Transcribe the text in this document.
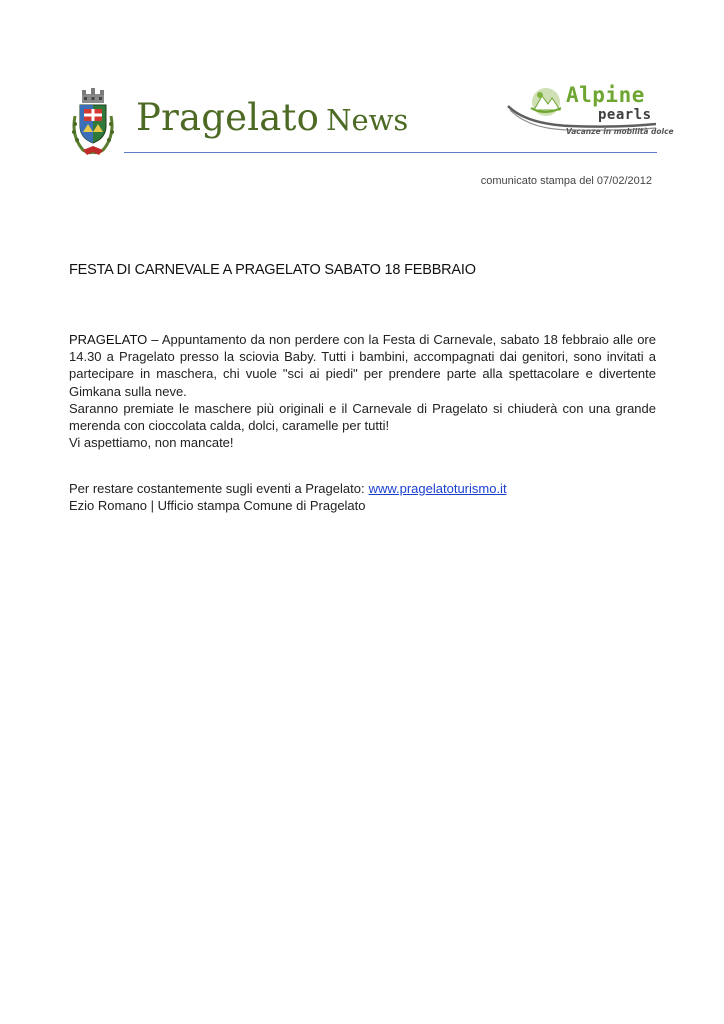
Pragelato News
Alpine
pearls
Vacanze in mobilità dolce
comunicato stampa del 07/02/2012
FESTA DI CARNEVALE A PRAGELATO SABATO 18 FEBBRAIO

PRAGELATO – Appuntamento da non perdere con la Festa di Carnevale, sabato 18 febbraio alle ore 14.30 a Pragelato presso la sciovia Baby. Tutti i bambini, accompagnati dai genitori, sono invitati a partecipare in maschera, chi vuole "sci ai piedi" per prendere parte alla spettacolare e divertente Gimkana sulla neve.

Saranno premiate le maschere più originali e il Carnevale di Pragelato si chiuderà con una grande merenda con cioccolata calda, dolci, caramelle per tutti!

Vi aspettiamo, non mancate!

Per restare costantemente sugli eventi a Pragelato: www.pragelatoturismo.it

Ezio Romano | Ufficio stampa Comune di Pragelato
